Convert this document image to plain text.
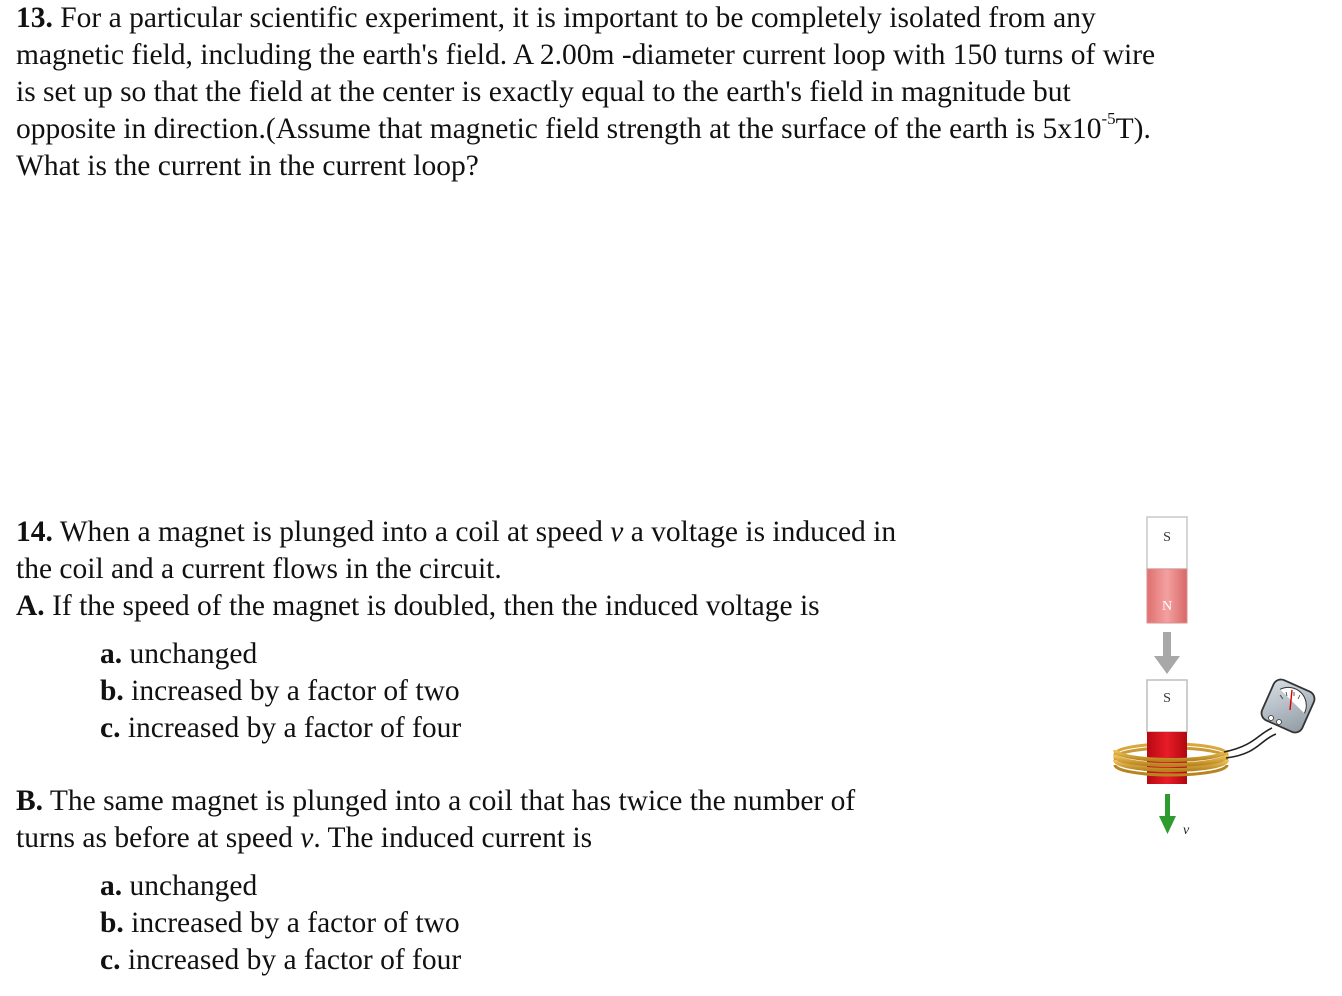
13. For a particular scientific experiment, it is important to be completely isolated from any
magnetic field, including the earth's field. A 2.00m -diameter current loop with 150 turns of wire
is set up so that the field at the center is exactly equal to the earth's field in magnitude but
opposite in direction.(Assume that magnetic field strength at the surface of the earth is $5x10^{-5}T$).
What is the current in the current loop?
14. When a magnet is plunged into a coil at speed v a voltage is induced in
the coil and a current flows in the circuit.
A. If the speed of the magnet is doubled, then the induced voltage is
a. unchanged
b. increased by a factor of two
c. increased by a factor of four
B. The same magnet is plunged into a coil that has twice the number of
turns as before at speed v. The induced current is
a. unchanged
b. increased by a factor of two
c. increased by a factor of four
S
N
S
v
